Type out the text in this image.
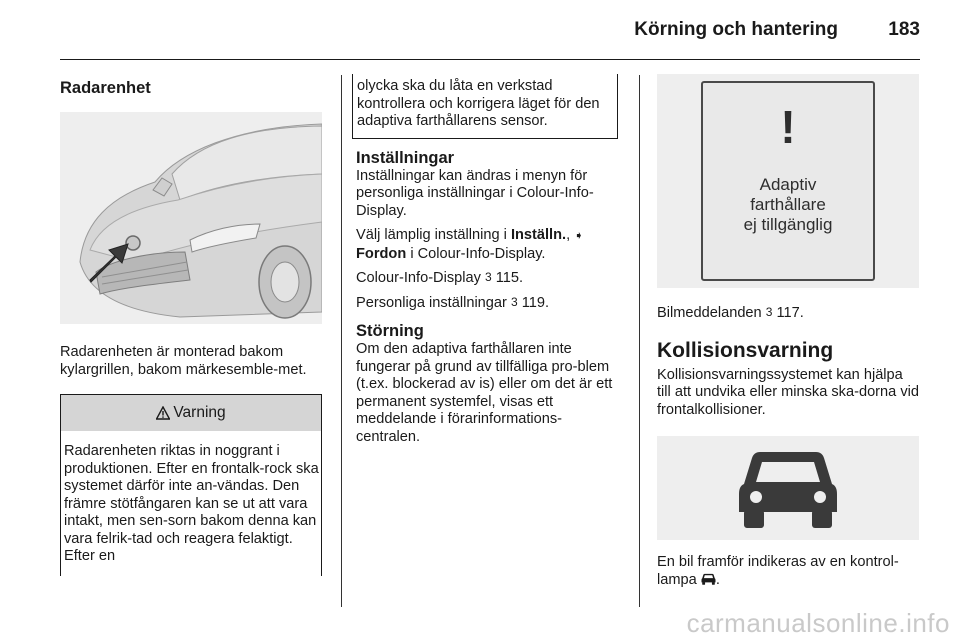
Körning och hantering	183
Radarenhet

Radarenheten är monterad bakom kylargrillen, bakom märkesemble-met.

Varning
Radarenheten riktas in noggrant i produktionen. Efter en frontalk-rock ska systemet därför inte an-vändas. Den främre stötfångaren kan se ut att vara intakt, men sen-sorn bakom denna kan vara felrik-tad och reagera felaktigt. Efter en

olycka ska du låta en verkstad kontrollera och korrigera läget för den adaptiva farthållarens sensor.

Inställningar

Inställningar kan ändras i menyn för personliga inställningar i Colour-Info-Display.

Välj lämplig inställning i Inställn., ➧ Fordon i Colour-Info-Display.

Colour-Info-Display 3 115.

Personliga inställningar 3 119.

Störning

Om den adaptiva farthållaren inte fungerar på grund av tillfälliga pro-blem (t.ex. blockerad av is) eller om det är ett permanent systemfel, visas ett meddelande i förarinformations-centralen.

!
Adaptiv
farthållare
ej tillgänglig

Bilmeddelanden 3 117.

Kollisionsvarning

Kollisionsvarningssystemet kan hjälpa till att undvika eller minska ska-dorna vid frontalkollisioner.

En bil framför indikeras av en kontrol-lampa .

carmanualsonline.info
